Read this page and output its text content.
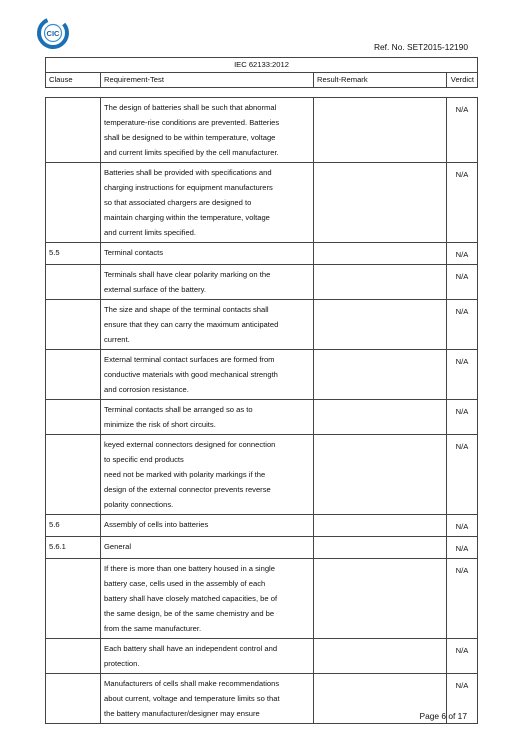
CIC
Ref. No. SET2015-12190
IEC 62133:2012
Clause	Requirement-Test	Result-Remark	Verdict

	The design of batteries shall be such that abnormal
temperature-rise conditions are prevented. Batteries
shall be designed to be within temperature, voltage
and current limits specified by the cell manufacturer.		N/A

	Batteries shall be provided with specifications and
charging instructions for equipment manufacturers
so that associated chargers are designed to
maintain charging within the temperature, voltage
and current limits specified.		N/A
5.5	Terminal contacts		N/A

	Terminals shall have clear polarity marking on the
external surface of the battery.		N/A

	The size and shape of the terminal contacts shall
ensure that they can carry the maximum anticipated
current.		N/A

	External terminal contact surfaces are formed from
conductive materials with good mechanical strength
and corrosion resistance.		N/A

	Terminal contacts shall be arranged so as to
minimize the risk of short circuits.		N/A

	keyed external connectors designed for connection
to specific end products
need not be marked with polarity markings if the
design of the external connector prevents reverse
polarity connections.		N/A
5.6	Assembly of cells into batteries		N/A
5.6.1	General		N/A

	If there is more than one battery housed in a single
battery case, cells used in the assembly of each
battery shall have closely matched capacities, be of
the same design, be of the same chemistry and be
from the same manufacturer.		N/A

	Each battery shall have an independent control and
protection.		N/A

	Manufacturers of cells shall make recommendations
about current, voltage and temperature limits so that
the battery manufacturer/designer may ensure		N/A
Page 6 of 17
